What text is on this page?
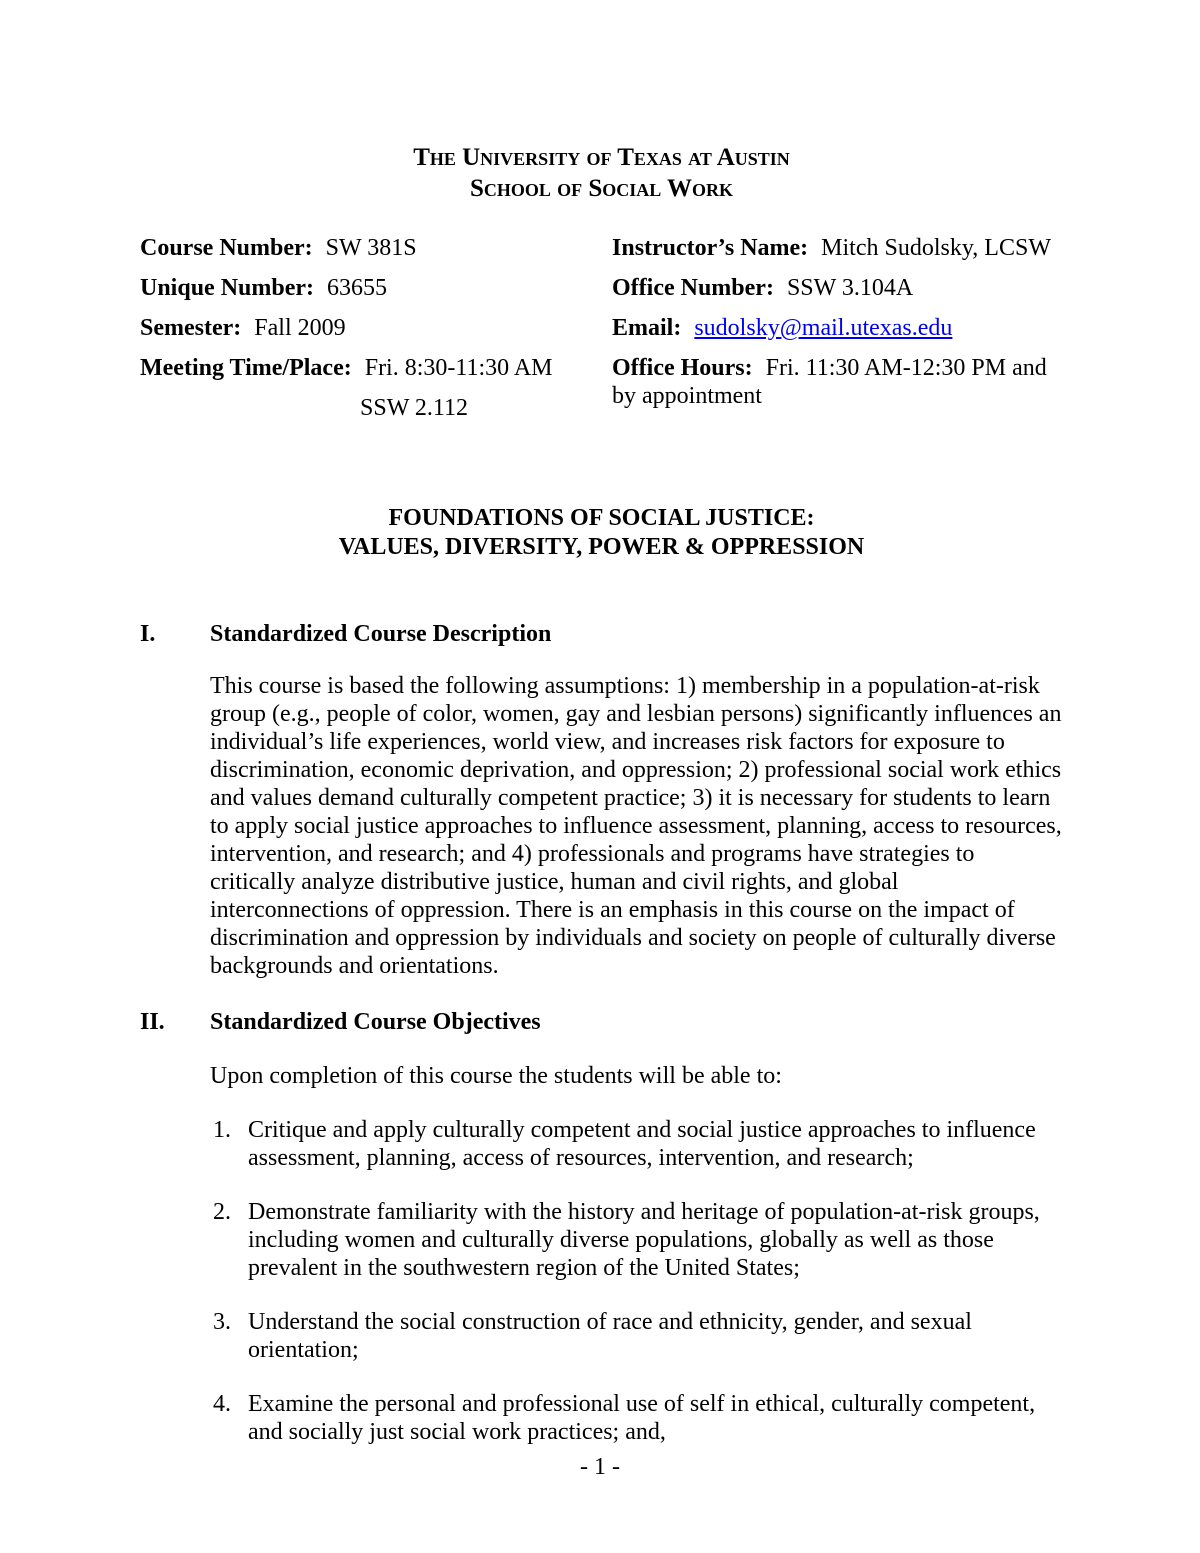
The University of Texas at Austin
School of Social Work
Course Number: SW 381S
Unique Number: 63655
Semester: Fall 2009
Meeting Time/Place: Fri. 8:30-11:30 AM
SSW 2.112
Instructor’s Name: Mitch Sudolsky, LCSW
Office Number: SSW 3.104A
Email: sudolsky@mail.utexas.edu
Office Hours: Fri. 11:30 AM-12:30 PM and by appointment
FOUNDATIONS OF SOCIAL JUSTICE:
VALUES, DIVERSITY, POWER & OPPRESSION
I.	Standardized Course Description
This course is based the following assumptions: 1) membership in a population-at-risk group (e.g., people of color, women, gay and lesbian persons) significantly influences an individual’s life experiences, world view, and increases risk factors for exposure to discrimination, economic deprivation, and oppression; 2) professional social work ethics and values demand culturally competent practice; 3) it is necessary for students to learn to apply social justice approaches to influence assessment, planning, access to resources, intervention, and research; and 4) professionals and programs have strategies to critically analyze distributive justice, human and civil rights, and global interconnections of oppression. There is an emphasis in this course on the impact of discrimination and oppression by individuals and society on people of culturally diverse backgrounds and orientations.
II.	Standardized Course Objectives
Upon completion of this course the students will be able to:
1. Critique and apply culturally competent and social justice approaches to influence assessment, planning, access of resources, intervention, and research;
2. Demonstrate familiarity with the history and heritage of population-at-risk groups, including women and culturally diverse populations, globally as well as those prevalent in the southwestern region of the United States;
3. Understand the social construction of race and ethnicity, gender, and sexual orientation;
4. Examine the personal and professional use of self in ethical, culturally competent, and socially just social work practices; and,
- 1 -
